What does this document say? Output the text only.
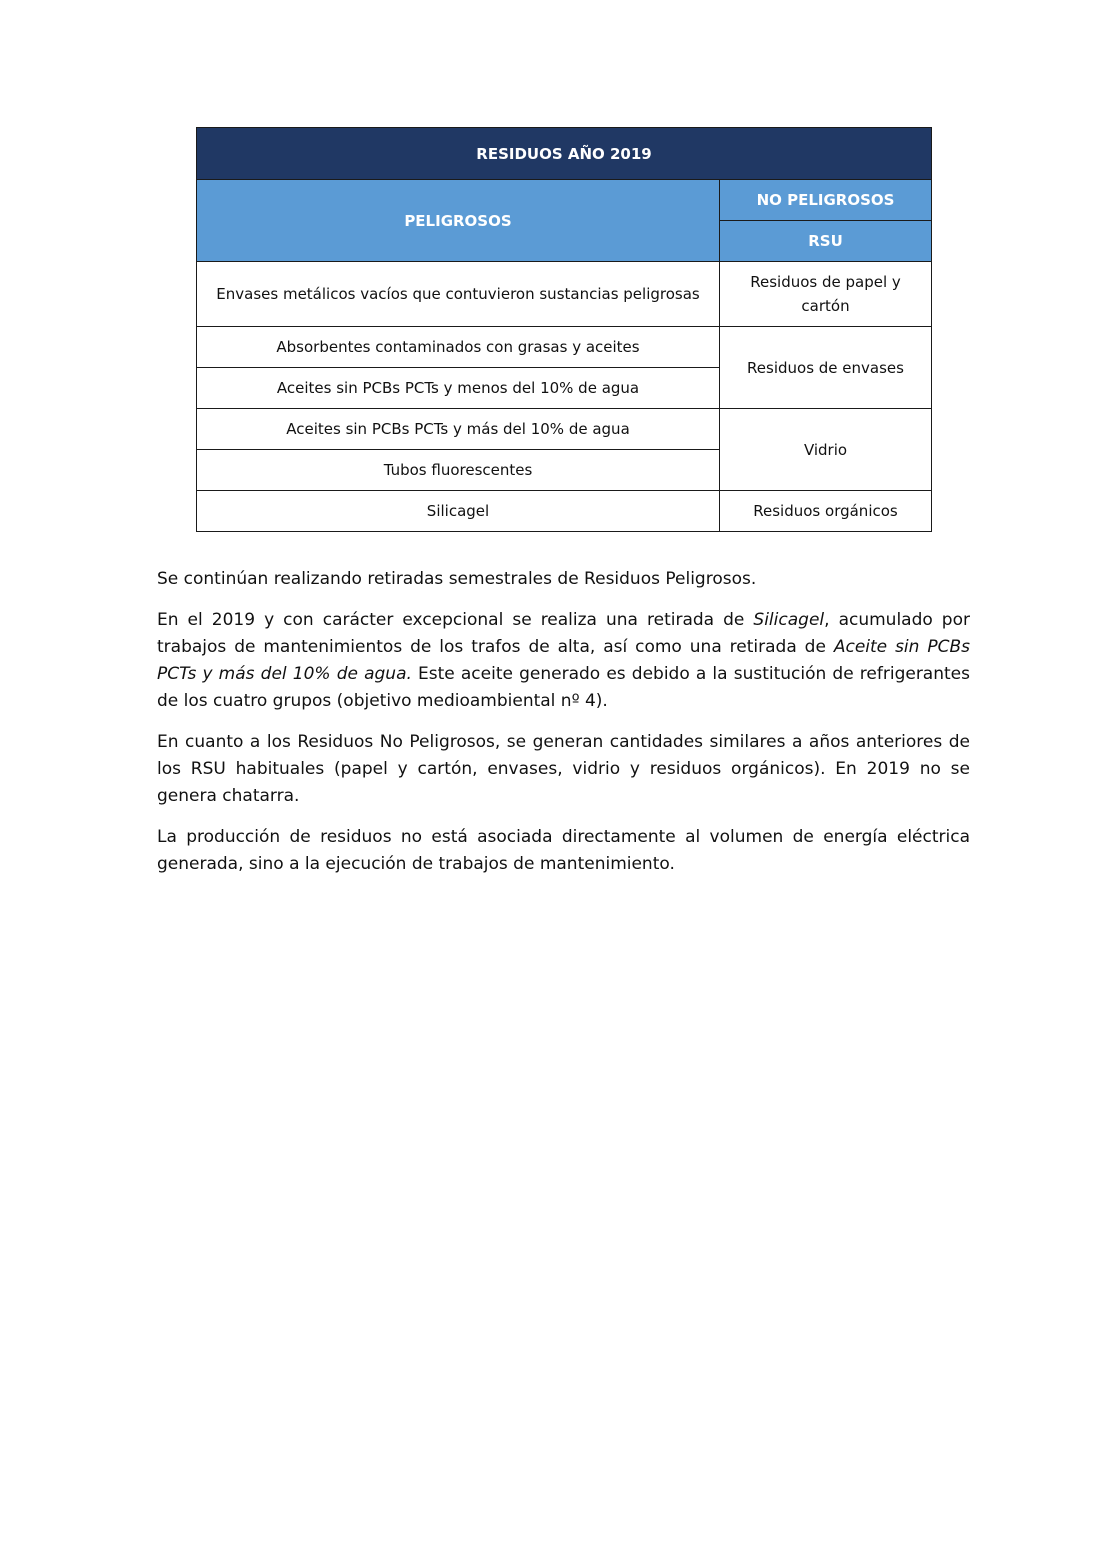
RESIDUOS AÑO 2019	
PELIGROSOS	NO PELIGROSOS
	RSU
Envases metálicos vacíos que contuvieron sustancias peligrosas	Residuos de papel y cartón
Absorbentes contaminados con grasas y aceites	Residuos de envases
Aceites sin PCBs PCTs y menos del 10% de agua	
Aceites sin PCBs PCTs y más del 10% de agua	Vidrio
Tubos fluorescentes	
Silicagel	Residuos orgánicos

Se continúan realizando retiradas semestrales de Residuos Peligrosos.

En el 2019 y con carácter excepcional se realiza una retirada de Silicagel, acumulado por trabajos de mantenimientos de los trafos de alta, así como una retirada de Aceite sin PCBs PCTs y más del 10% de agua. Este aceite generado es debido a la sustitución de refrigerantes de los cuatro grupos (objetivo medioambiental nº 4).

En cuanto a los Residuos No Peligrosos, se generan cantidades similares a años anteriores de los RSU habituales (papel y cartón, envases, vidrio y residuos orgánicos). En 2019 no se genera chatarra.

La producción de residuos no está asociada directamente al volumen de energía eléctrica generada, sino a la ejecución de trabajos de mantenimiento.
